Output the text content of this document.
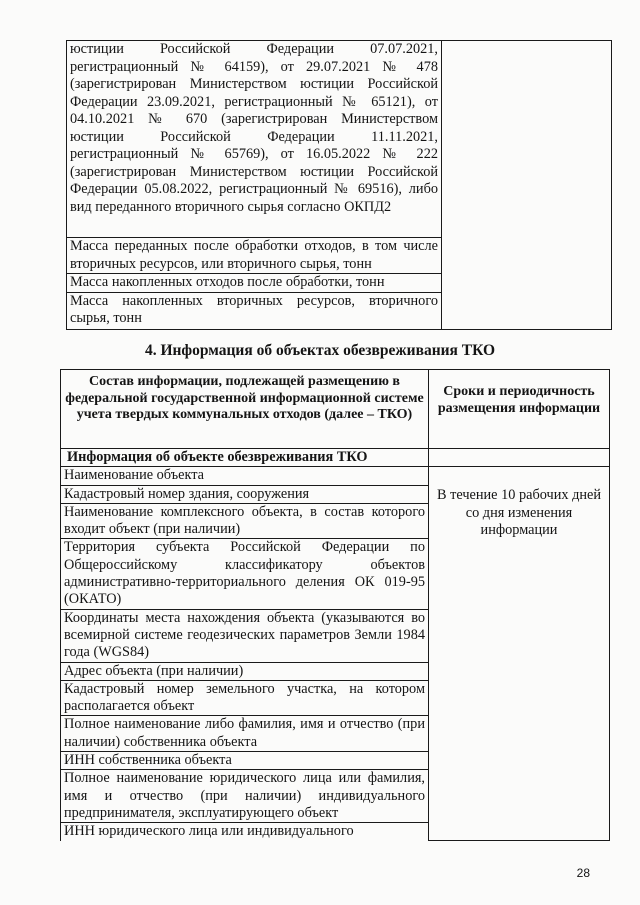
юстиции Российской Федерации 07.07.2021, регистрационный № 64159), от 29.07.2021 № 478 (зарегистрирован Министерством юстиции Российской Федерации 23.09.2021, регистрационный № 65121), от 04.10.2021 № 670 (зарегистрирован Министерством юстиции Российской Федерации 11.11.2021, регистрационный № 65769), от 16.05.2022 № 222 (зарегистрирован Министерством юстиции Российской Федерации 05.08.2022, регистрационный № 69516), либо вид переданного вторичного сырья согласно ОКПД2	
Масса переданных после обработки отходов, в том числе вторичных ресурсов, или вторичного сырья, тонн
Масса накопленных отходов после обработки, тонн
Масса накопленных вторичных ресурсов, вторичного сырья, тонн
4. Информация об объектах обезвреживания ТКО
Состав информации, подлежащей размещению в федеральной государственной информационной системе учета твердых коммунальных отходов (далее – ТКО)	Сроки и периодичность размещения информации
Информация об объекте обезвреживания ТКО	
Наименование объекта	В течение 10 рабочих дней со дня изменения информации
Кадастровый номер здания, сооружения	
Наименование комплексного объекта, в состав которого входит объект (при наличии)	
Территория субъекта Российской Федерации по Общероссийскому классификатору объектов административно-территориального деления ОК 019-95 (ОКАТО)	
Координаты места нахождения объекта (указываются во всемирной системе геодезических параметров Земли 1984 года (WGS84)	
Адрес объекта (при наличии)	
Кадастровый номер земельного участка, на котором располагается объект	
Полное наименование либо фамилия, имя и отчество (при наличии) собственника объекта	
ИНН собственника объекта	
Полное наименование юридического лица или фамилия, имя и отчество (при наличии) индивидуального предпринимателя, эксплуатирующего объект	
ИНН юридического лица или индивидуального	
28
